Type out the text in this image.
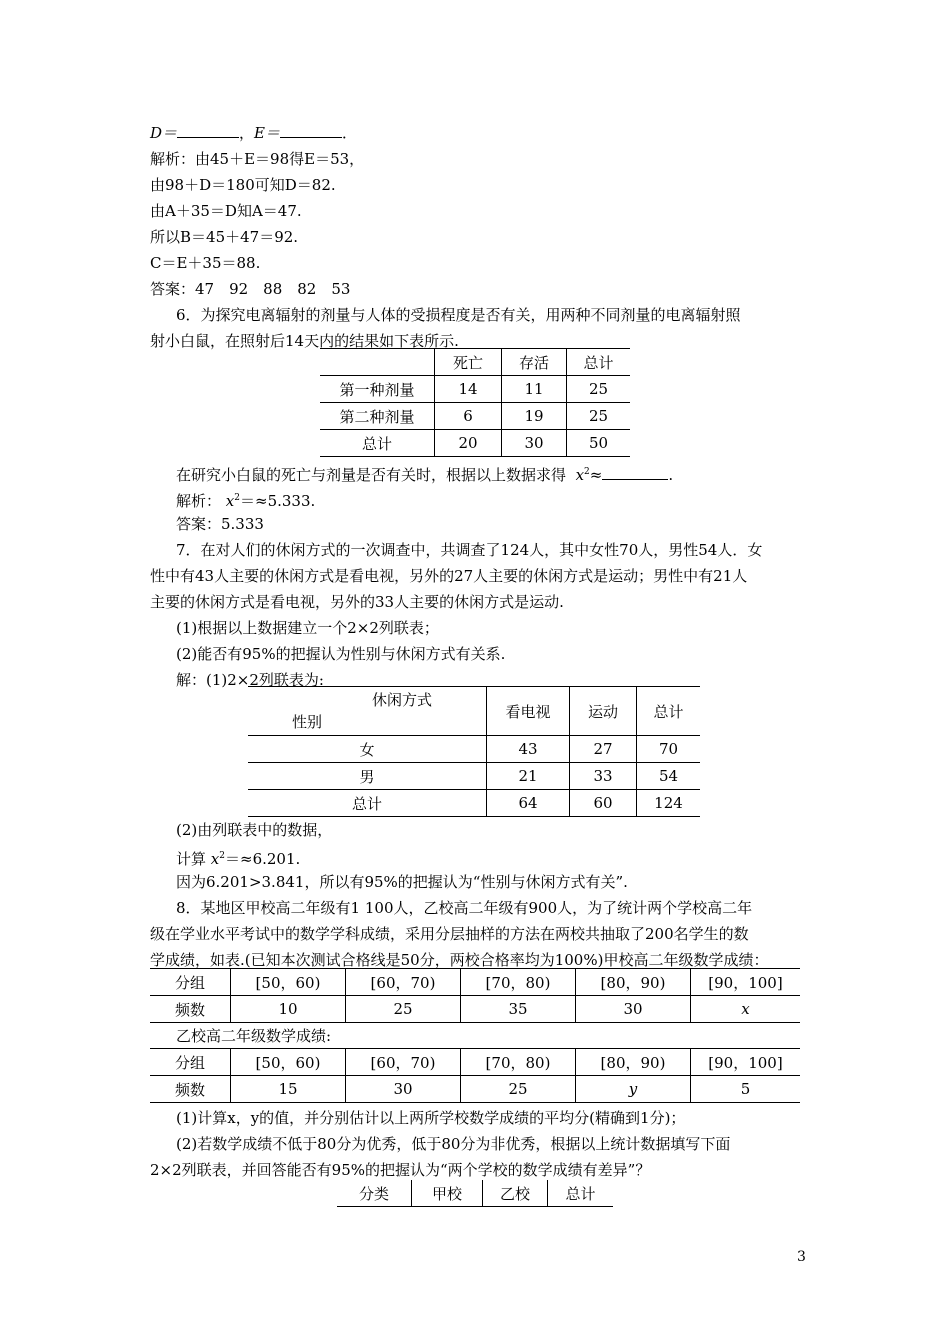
D＝	，E＝	．
解析：由45＋E＝98得E＝53，
由98＋D＝180可知D＝82.
由A＋35＝D知A＝47.
所以B＝45＋47＝92.
C＝E＋35＝88.
答案：47　92　88　82　53
6．为探究电离辐射的剂量与人体的受损程度是否有关，用两种不同剂量的电离辐射照
射小白鼠，在照射后14天内的结果如下表所示.
	死亡	存活	总计
第一种剂量	14	11	25
第二种剂量	6	19	25
总计	20	30	50
在研究小白鼠的死亡与剂量是否有关时，根据以上数据求得 $x^2\approx$	.
解析： $x^2=\approx 5.333$.
答案：5.333
7．在对人们的休闲方式的一次调查中，共调查了124人，其中女性70人，男性54人．女
性中有43人主要的休闲方式是看电视，另外的27人主要的休闲方式是运动；男性中有21人
主要的休闲方式是看电视，另外的33人主要的休闲方式是运动.
(1)根据以上数据建立一个2×2列联表；
(2)能否有95%的把握认为性别与休闲方式有关系.
解：(1)2×2列联表为:
休闲方式
性别	看电视	运动	总计
女	43	27	70
男	21	33	54
总计	64	60	124
(2)由列联表中的数据，
计算 $x^2=\approx 6.201$.
因为6.201>3.841，所以有95%的把握认为“性别与休闲方式有关”.
8．某地区甲校高二年级有1 100人，乙校高二年级有900人，为了统计两个学校高二年
级在学业水平考试中的数学学科成绩，采用分层抽样的方法在两校共抽取了200名学生的数
学成绩，如表.(已知本次测试合格线是50分，两校合格率均为100%)甲校高二年级数学成绩：
分组	[50，60)	[60，70)	[70，80)	[80，90)	[90，100]
频数	10	25	35	30	x
乙校高二年级数学成绩:
分组	[50，60)	[60，70)	[70，80)	[80，90)	[90，100]
频数	15	30	25	y	5
(1)计算x，y的值，并分别估计以上两所学校数学成绩的平均分(精确到1分)；
(2)若数学成绩不低于80分为优秀，低于80分为非优秀，根据以上统计数据填写下面
2×2列联表，并回答能否有95%的把握认为“两个学校的数学成绩有差异”？
分类	甲校	乙校	总计
3
